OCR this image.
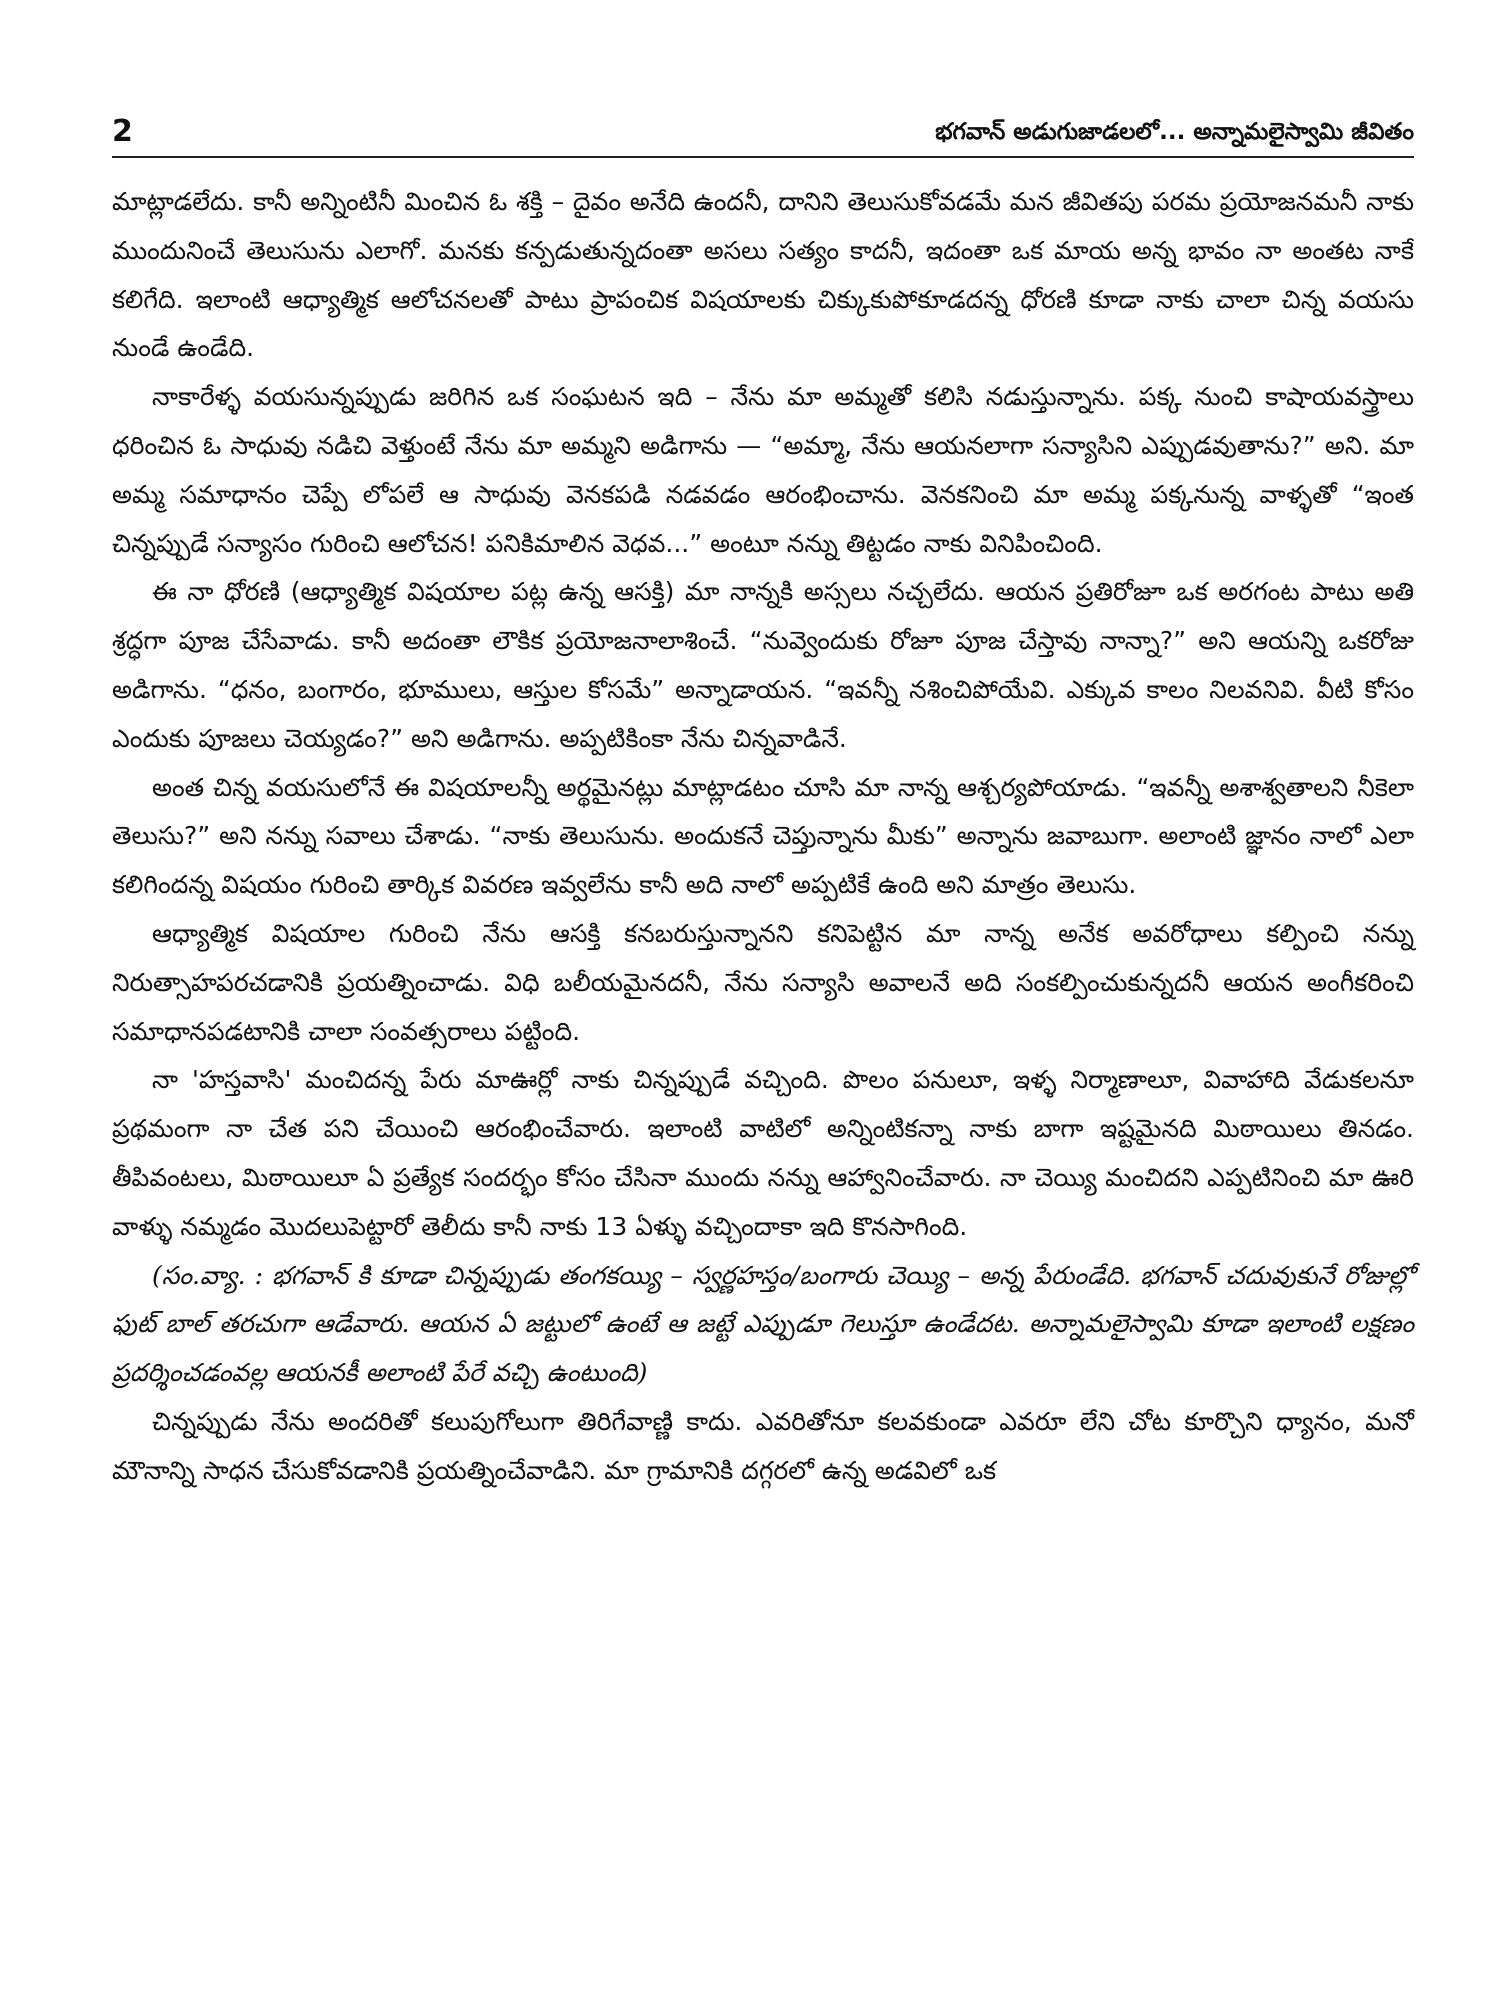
2	భగవాన్ అడుగుజాడలలో... అన్నామలైస్వామి జీవితం

మాట్లాడలేదు. కానీ అన్నింటినీ మించిన ఓ శక్తి – దైవం అనేది ఉందనీ, దానిని తెలుసుకోవడమే మన జీవితపు పరమ ప్రయోజనమనీ నాకు ముందునించే తెలుసును ఎలాగో. మనకు కన్పడుతున్నదంతా అసలు సత్యం కాదనీ, ఇదంతా ఒక మాయ అన్న భావం నా అంతట నాకే కలిగేది. ఇలాంటి ఆధ్యాత్మిక ఆలోచనలతో పాటు ప్రాపంచిక విషయాలకు చిక్కుకుపోకూడదన్న ధోరణి కూడా నాకు చాలా చిన్న వయసు నుండే ఉండేది.

నాకారేళ్ళ వయసున్నప్పుడు జరిగిన ఒక సంఘటన ఇది – నేను మా అమ్మతో కలిసి నడుస్తున్నాను. పక్క నుంచి కాషాయవస్త్రాలు ధరించిన ఓ సాధువు నడిచి వెళ్తుంటే నేను మా అమ్మని అడిగాను — “అమ్మా, నేను ఆయనలాగా సన్యాసిని ఎప్పుడవుతాను?” అని. మా అమ్మ సమాధానం చెప్పే లోపలే ఆ సాధువు వెనకపడి నడవడం ఆరంభించాను. వెనకనించి మా అమ్మ పక్కనున్న వాళ్ళతో “ఇంత చిన్నప్పుడే సన్యాసం గురించి ఆలోచన! పనికిమాలిన వెధవ...” అంటూ నన్ను తిట్టడం నాకు వినిపించింది.

ఈ నా ధోరణి (ఆధ్యాత్మిక విషయాల పట్ల ఉన్న ఆసక్తి) మా నాన్నకి అస్సలు నచ్చలేదు. ఆయన ప్రతిరోజూ ఒక అరగంట పాటు అతి శ్రద్ధగా పూజ చేసేవాడు. కానీ అదంతా లౌకిక ప్రయోజనాలాశించే. “నువ్వెందుకు రోజూ పూజ చేస్తావు నాన్నా?” అని ఆయన్ని ఒకరోజు అడిగాను. “ధనం, బంగారం, భూములు, ఆస్తుల కోసమే” అన్నాడాయన. “ఇవన్నీ నశించిపోయేవి. ఎక్కువ కాలం నిలవనివి. వీటి కోసం ఎందుకు పూజలు చెయ్యడం?” అని అడిగాను. అప్పటికింకా నేను చిన్నవాడినే.

అంత చిన్న వయసులోనే ఈ విషయాలన్నీ అర్థమైనట్లు మాట్లాడటం చూసి మా నాన్న ఆశ్చర్యపోయాడు. “ఇవన్నీ అశాశ్వతాలని నీకెలా తెలుసు?” అని నన్ను సవాలు చేశాడు. “నాకు తెలుసును. అందుకనే చెప్తున్నాను మీకు” అన్నాను జవాబుగా. అలాంటి జ్ఞానం నాలో ఎలా కలిగిందన్న విషయం గురించి తార్కిక వివరణ ఇవ్వలేను కానీ అది నాలో అప్పటికే ఉంది అని మాత్రం తెలుసు.

ఆధ్యాత్మిక విషయాల గురించి నేను ఆసక్తి కనబరుస్తున్నానని కనిపెట్టిన మా నాన్న అనేక అవరోధాలు కల్పించి నన్ను నిరుత్సాహపరచడానికి ప్రయత్నించాడు. విధి బలీయమైనదనీ, నేను సన్యాసి అవాలనే అది సంకల్పించుకున్నదనీ ఆయన అంగీకరించి సమాధానపడటానికి చాలా సంవత్సరాలు పట్టింది.

నా 'హస్తవాసి' మంచిదన్న పేరు మాఊర్లో నాకు చిన్నప్పుడే వచ్చింది. పొలం పనులూ, ఇళ్ళ నిర్మాణాలూ, వివాహాది వేడుకలనూ ప్రథమంగా నా చేత పని చేయించి ఆరంభించేవారు. ఇలాంటి వాటిలో అన్నింటికన్నా నాకు బాగా ఇష్టమైనది మిఠాయిలు తినడం. తీపివంటలు, మిఠాయిలూ ఏ ప్రత్యేక సందర్భం కోసం చేసినా ముందు నన్ను ఆహ్వానించేవారు. నా చెయ్యి మంచిదని ఎప్పటినించి మా ఊరి వాళ్ళు నమ్మడం మొదలుపెట్టారో తెలీదు కానీ నాకు 13 ఏళ్ళు వచ్చిందాకా ఇది కొనసాగింది.

(సం.వ్యా. : భగవాన్ కి కూడా చిన్నప్పుడు తంగకయ్యి – స్వర్ణహస్తం/బంగారు చెయ్యి – అన్న పేరుండేది. భగవాన్ చదువుకునే రోజుల్లో ఫుట్ బాల్ తరచుగా ఆడేవారు. ఆయన ఏ జట్టులో ఉంటే ఆ జట్టే ఎప్పుడూ గెలుస్తూ ఉండేదట. అన్నామలైస్వామి కూడా ఇలాంటి లక్షణం ప్రదర్శించడంవల్ల ఆయనకీ అలాంటి పేరే వచ్చి ఉంటుంది)

చిన్నప్పుడు నేను అందరితో కలుపుగోలుగా తిరిగేవాణ్ణి కాదు. ఎవరితోనూ కలవకుండా ఎవరూ లేని చోట కూర్చొని ధ్యానం, మనో మౌనాన్ని సాధన చేసుకోవడానికి ప్రయత్నించేవాడిని. మా గ్రామానికి దగ్గరలో ఉన్న అడవిలో ఒక
